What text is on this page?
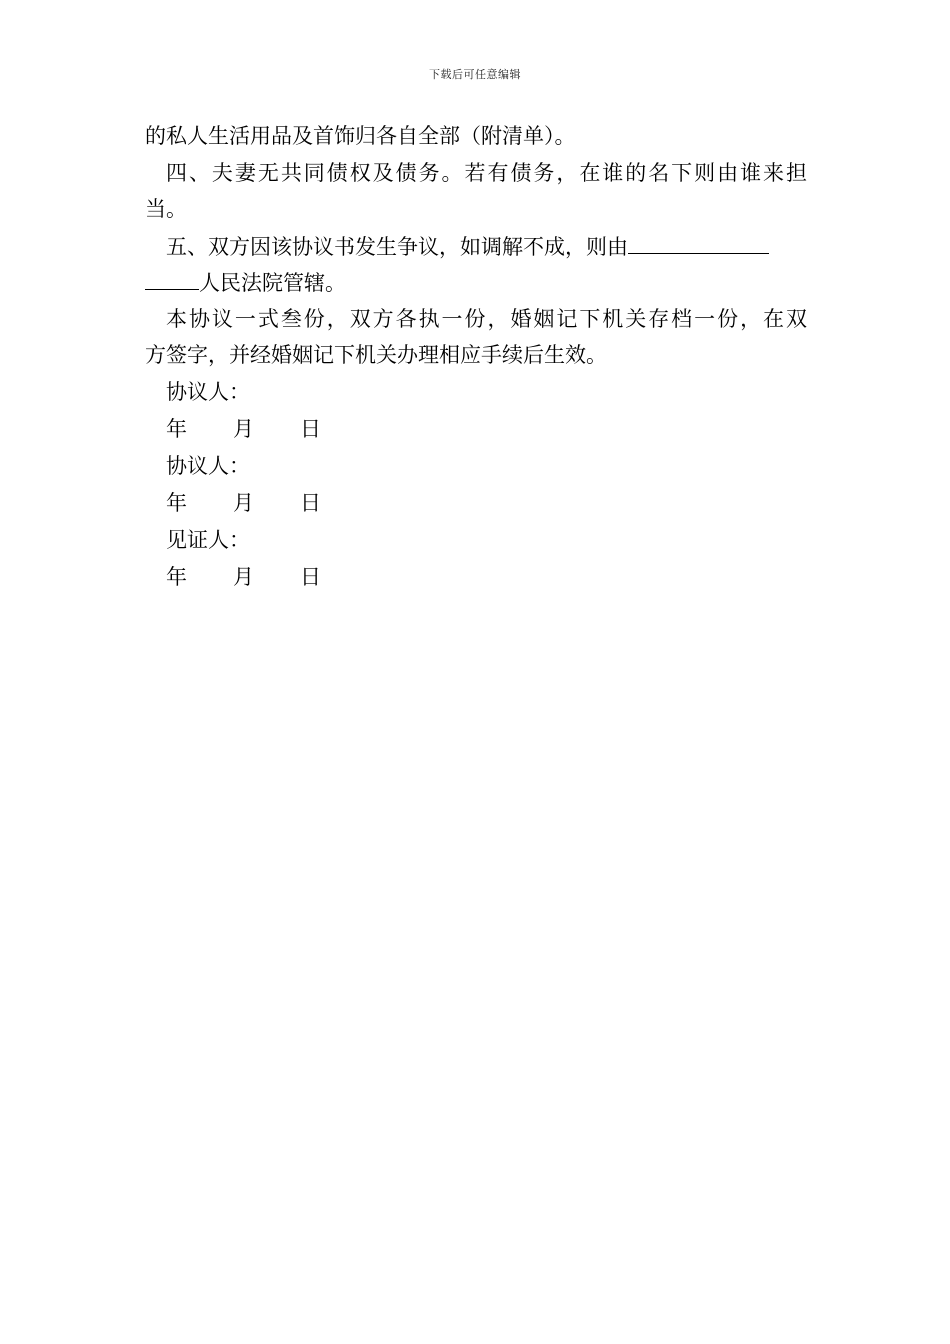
下载后可任意编辑
的私人生活用品及首饰归各自全部（附清单）。
四、夫妻无共同债权及债务。若有债务，在谁的名下则由谁来担
当。
五、双方因该协议书发生争议，如调解不成，则由
人民法院管辖。
本协议一式叁份，双方各执一份，婚姻记下机关存档一份，在双
方签字，并经婚姻记下机关办理相应手续后生效。
协议人：
年 月 日
协议人：
年 月 日
见证人：
年 月 日
